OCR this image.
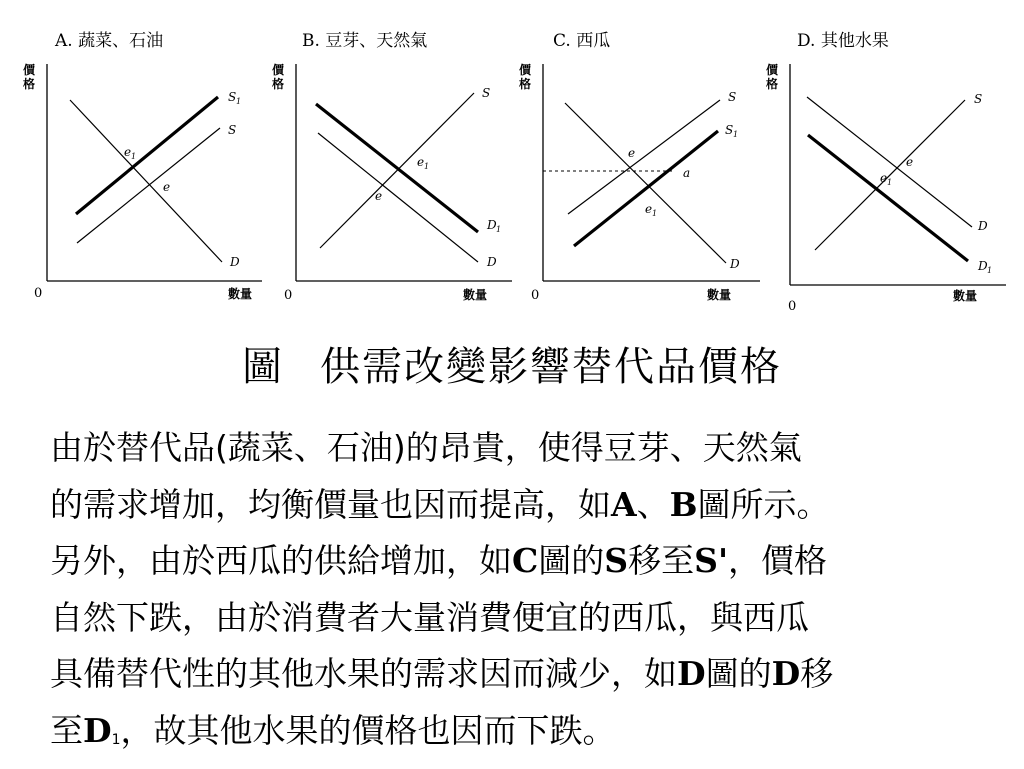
A. 蔬菜、石油
價
格
0	數量
S 1
S
D
e 1
e
B. 豆芽、天然氣
價
格
0	數量
S
D 1
D
e 1
e
C. 西瓜
價
格
0	數量
S
S 1
D
e
a
e 1
D. 其他水果
價
格
0
數量
S
D
D 1
e
e 1
圖 供需改變影響替代品價格
由於替代品(蔬菜、石油)的昂貴，使得豆芽、天然氣
的需求增加，均衡價量也因而提高，如A、B圖所示。
另外，由於西瓜的供給增加，如C圖的S移至S'，價格
自然下跌，由於消費者大量消費便宜的西瓜，與西瓜
具備替代性的其他水果的需求因而減少，如D圖的D移
至$D_1$，故其他水果的價格也因而下跌。
